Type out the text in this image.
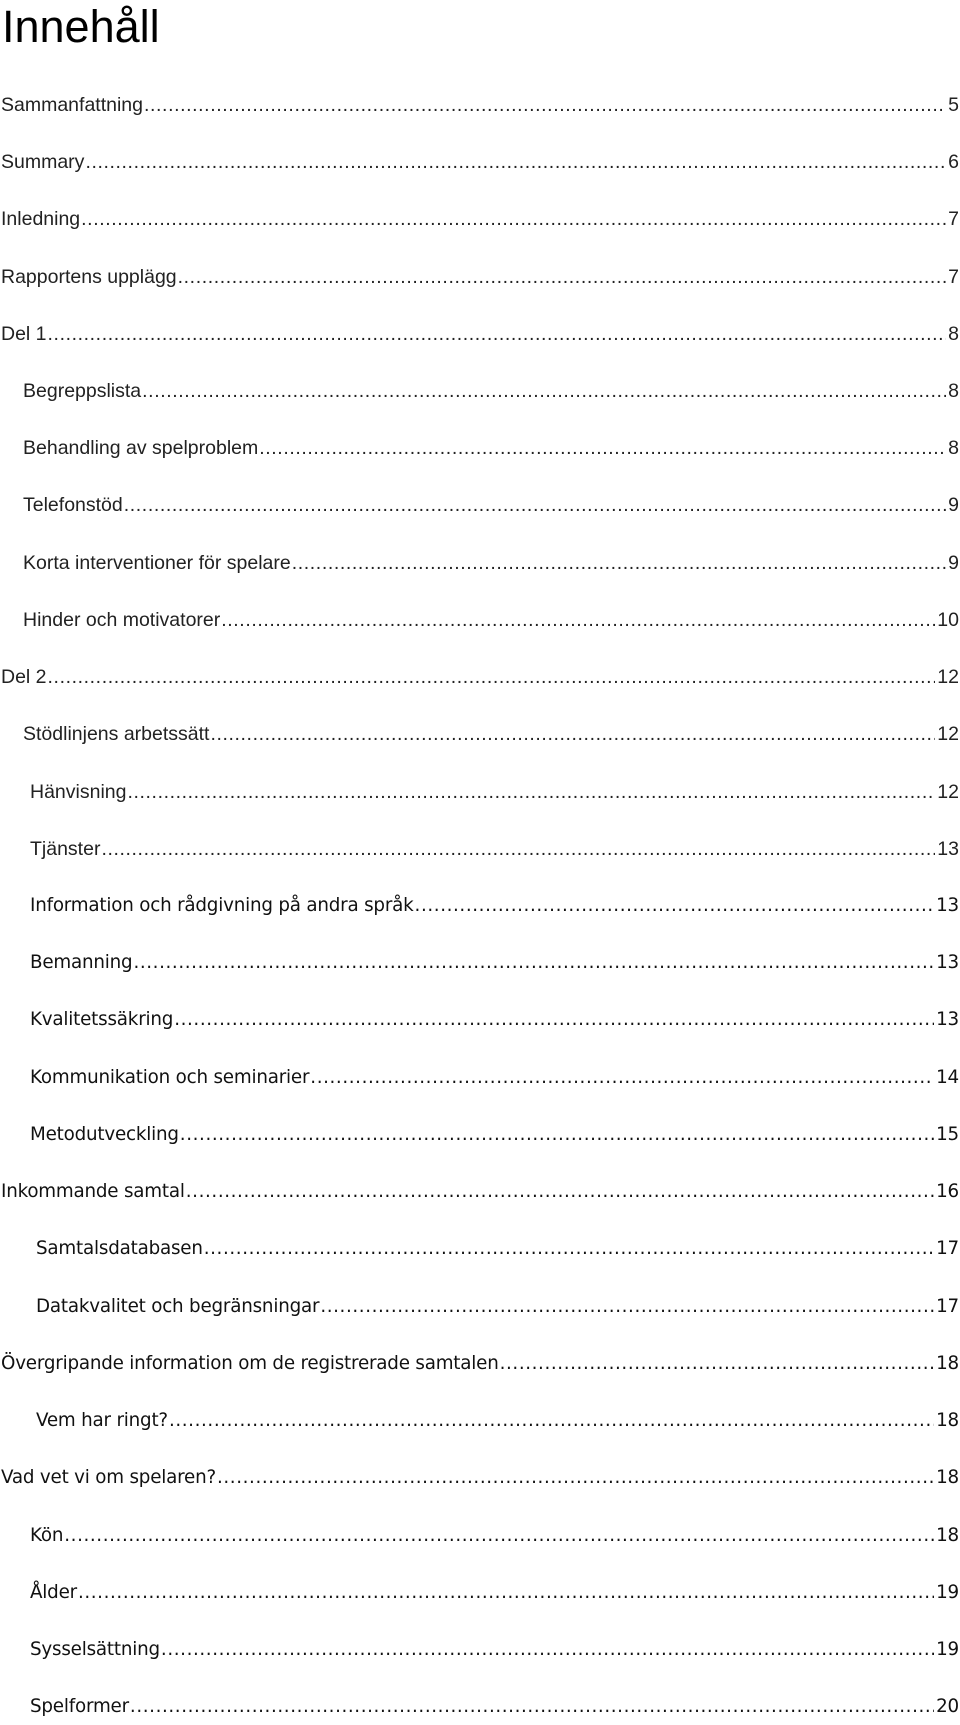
Innehåll
Sammanfattning .....	5
Summary .....	6
Inledning .....	7
Rapportens upplägg .....	7
Del 1 .....	8
Begreppslista .....	8
Behandling av spelproblem .....	8
Telefonstöd .....	9
Korta interventioner för spelare .....	9
Hinder och motivatorer .....	10
Del 2 .....	12
Stödlinjens arbetssätt .....	12
Hänvisning .....	12
Tjänster .....	13
Information och rådgivning på andra språk .....	13
Bemanning .....	13
Kvalitetssäkring .....	13
Kommunikation och seminarier .....	14
Metodutveckling .....	15
Inkommande samtal .....	16
Samtalsdatabasen .....	17
Datakvalitet och begränsningar .....	17
Övergripande information om de registrerade samtalen .....	18
Vem har ringt? .....	18
Vad vet vi om spelaren? .....	18
Kön .....	18
Ålder .....	19
Sysselsättning .....	19
Spelformer .....	20
